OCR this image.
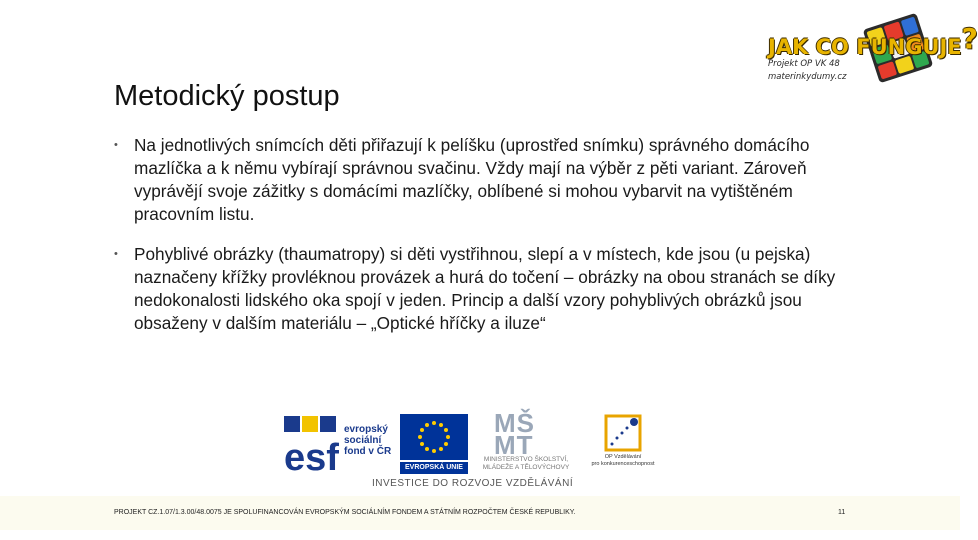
JAK CO FUNGUJE?
Projekt OP VK 48
materinkydumy.cz
Metodický postup
• Na jednotlivých snímcích děti přiřazují k pelíšku (uprostřed snímku) správného domácího mazlíčka a k němu vybírají správnou svačinu. Vždy mají na výběr z pěti variant. Zároveň vyprávějí svoje zážitky s domácími mazlíčky, oblíbené si mohou vybarvit na vytištěném pracovním listu.
• Pohyblivé obrázky (thaumatropy) si děti vystřihnou, slepí a v místech, kde jsou (u pejska) naznačeny křížky provléknou provázek a hurá do točení – obrázky na obou stranách se díky nedokonalosti lidského oka spojí v jeden. Princip a další vzory pohyblivých obrázků jsou obsaženy v dalším materiálu – „Optické hříčky a iluze“
esf
evropský
sociální
fond v ČR
EVROPSKÁ UNIE
MŠ
MT
MINISTERSTVO ŠKOLSTVÍ,
MLÁDEŽE A TĚLOVÝCHOVY
OP Vzdělávání
pro konkurenceschopnost
INVESTICE DO ROZVOJE VZDĚLÁVÁNÍ
PROJEKT CZ.1.07/1.3.00/48.0075 JE SPOLUFINANCOVÁN EVROPSKÝM SOCIÁLNÍM FONDEM A STÁTNÍM ROZPOČTEM ČESKÉ REPUBLIKY.	11
